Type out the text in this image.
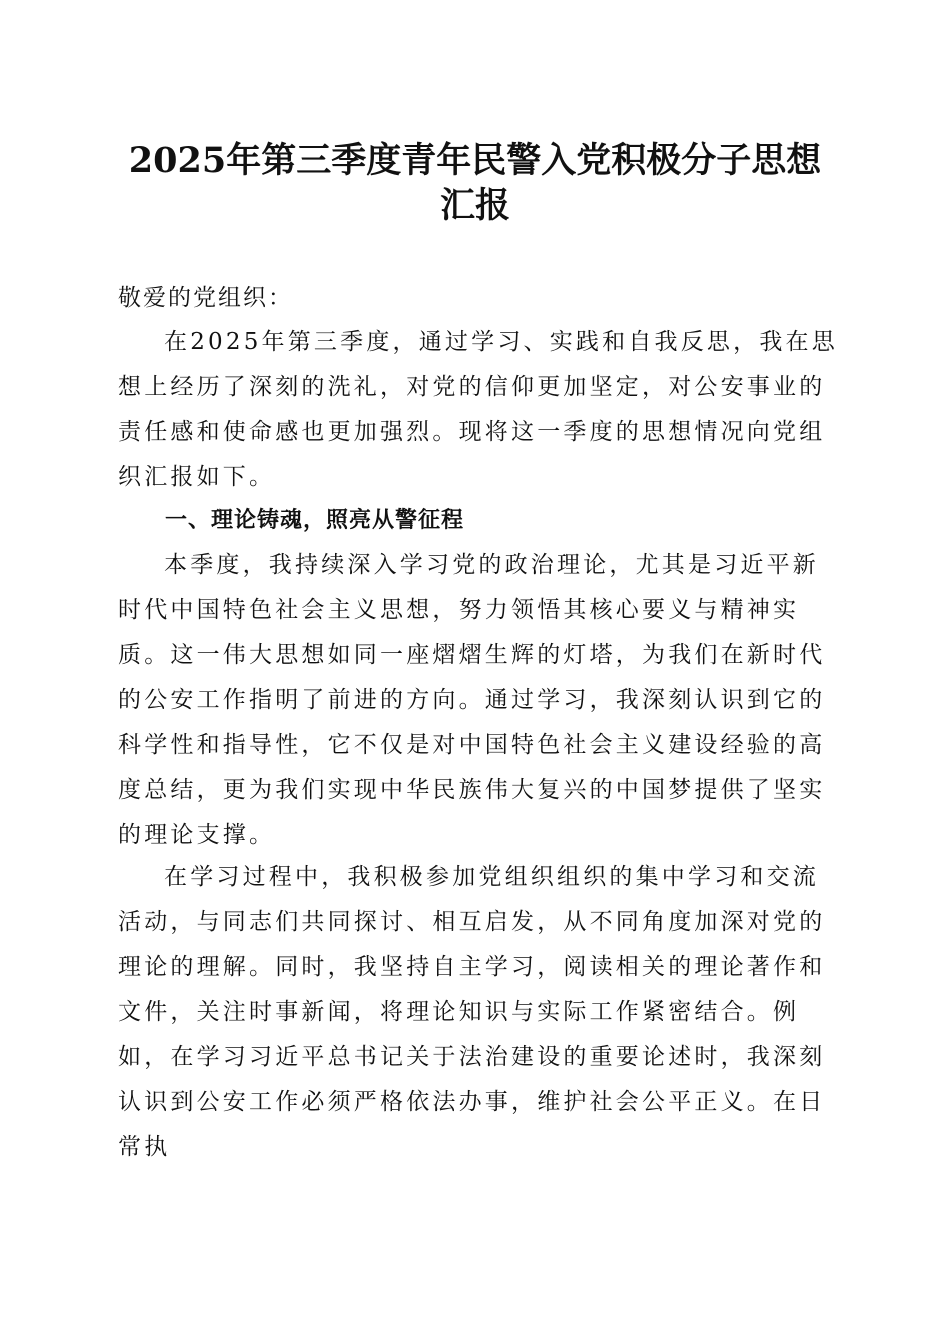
2025年第三季度青年民警入党积极分子思想
汇报

敬爱的党组织：

在2025年第三季度，通过学习、实践和自我反思，我在思想上经历了深刻的洗礼，对党的信仰更加坚定，对公安事业的责任感和使命感也更加强烈。现将这一季度的思想情况向党组织汇报如下。

一、理论铸魂，照亮从警征程

本季度，我持续深入学习党的政治理论，尤其是习近平新时代中国特色社会主义思想，努力领悟其核心要义与精神实质。这一伟大思想如同一座熠熠生辉的灯塔，为我们在新时代的公安工作指明了前进的方向。通过学习，我深刻认识到它的科学性和指导性，它不仅是对中国特色社会主义建设经验的高度总结，更为我们实现中华民族伟大复兴的中国梦提供了坚实的理论支撑。

在学习过程中，我积极参加党组织组织的集中学习和交流活动，与同志们共同探讨、相互启发，从不同角度加深对党的理论的理解。同时，我坚持自主学习，阅读相关的理论著作和文件，关注时事新闻，将理论知识与实际工作紧密结合。例如，在学习习近平总书记关于法治建设的重要论述时，我深刻认识到公安工作必须严格依法办事，维护社会公平正义。在日常执
